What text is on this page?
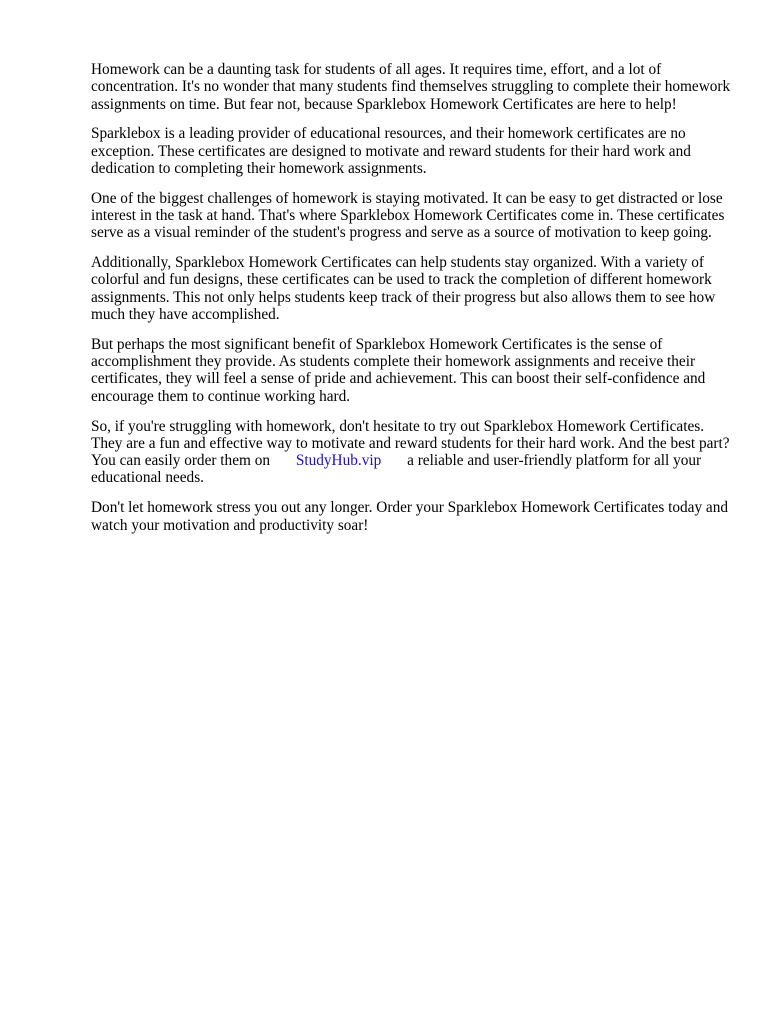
Homework can be a daunting task for students of all ages. It requires time, effort, and a lot of concentration. It's no wonder that many students find themselves struggling to complete their homework assignments on time. But fear not, because Sparklebox Homework Certificates are here to help!

Sparklebox is a leading provider of educational resources, and their homework certificates are no exception. These certificates are designed to motivate and reward students for their hard work and dedication to completing their homework assignments.

One of the biggest challenges of homework is staying motivated. It can be easy to get distracted or lose interest in the task at hand. That's where Sparklebox Homework Certificates come in. These certificates serve as a visual reminder of the student's progress and serve as a source of motivation to keep going.

Additionally, Sparklebox Homework Certificates can help students stay organized. With a variety of colorful and fun designs, these certificates can be used to track the completion of different homework assignments. This not only helps students keep track of their progress but also allows them to see how much they have accomplished.

But perhaps the most significant benefit of Sparklebox Homework Certificates is the sense of accomplishment they provide. As students complete their homework assignments and receive their certificates, they will feel a sense of pride and achievement. This can boost their self-confidence and encourage them to continue working hard.

So, if you're struggling with homework, don't hesitate to try out Sparklebox Homework Certificates. They are a fun and effective way to motivate and reward students for their hard work. And the best part? You can easily order them on StudyHub.vip a reliable and user-friendly platform for all your educational needs.

Don't let homework stress you out any longer. Order your Sparklebox Homework Certificates today and watch your motivation and productivity soar!
